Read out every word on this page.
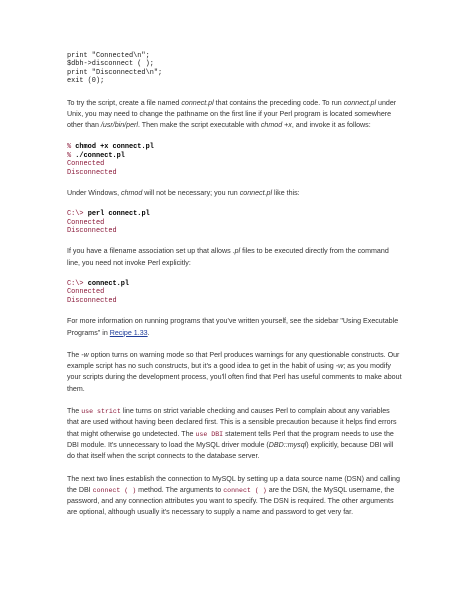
print "Connected\n";
$dbh->disconnect ( );
print "Disconnected\n";
exit (0);

To try the script, create a file named connect.pl that contains the preceding code. To run connect.pl under Unix, you may need to change the pathname on the first line if your Perl program is located somewhere other than /usr/bin/perl. Then make the script executable with chmod +x, and invoke it as follows:

% chmod +x connect.pl
% ./connect.pl
Connected
Disconnected

Under Windows, chmod will not be necessary; you run connect.pl like this:

C:\> perl connect.pl
Connected
Disconnected

If you have a filename association set up that allows .pl files to be executed directly from the command line, you need not invoke Perl explicitly:

C:\> connect.pl
Connected
Disconnected

For more information on running programs that you've written yourself, see the sidebar "Using Executable Programs" in Recipe 1.33.

The -w option turns on warning mode so that Perl produces warnings for any questionable constructs. Our example script has no such constructs, but it's a good idea to get in the habit of using -w; as you modify your scripts during the development process, you'll often find that Perl has useful comments to make about them.

The use strict line turns on strict variable checking and causes Perl to complain about any variables that are used without having been declared first. This is a sensible precaution because it helps find errors that might otherwise go undetected. The use DBI statement tells Perl that the program needs to use the DBI module. It's unnecessary to load the MySQL driver module (DBD::mysql) explicitly, because DBI will do that itself when the script connects to the database server.

The next two lines establish the connection to MySQL by setting up a data source name (DSN) and calling the DBI connect ( ) method. The arguments to connect ( ) are the DSN, the MySQL username, the password, and any connection attributes you want to specify. The DSN is required. The other arguments are optional, although usually it's necessary to supply a name and password to get very far.
